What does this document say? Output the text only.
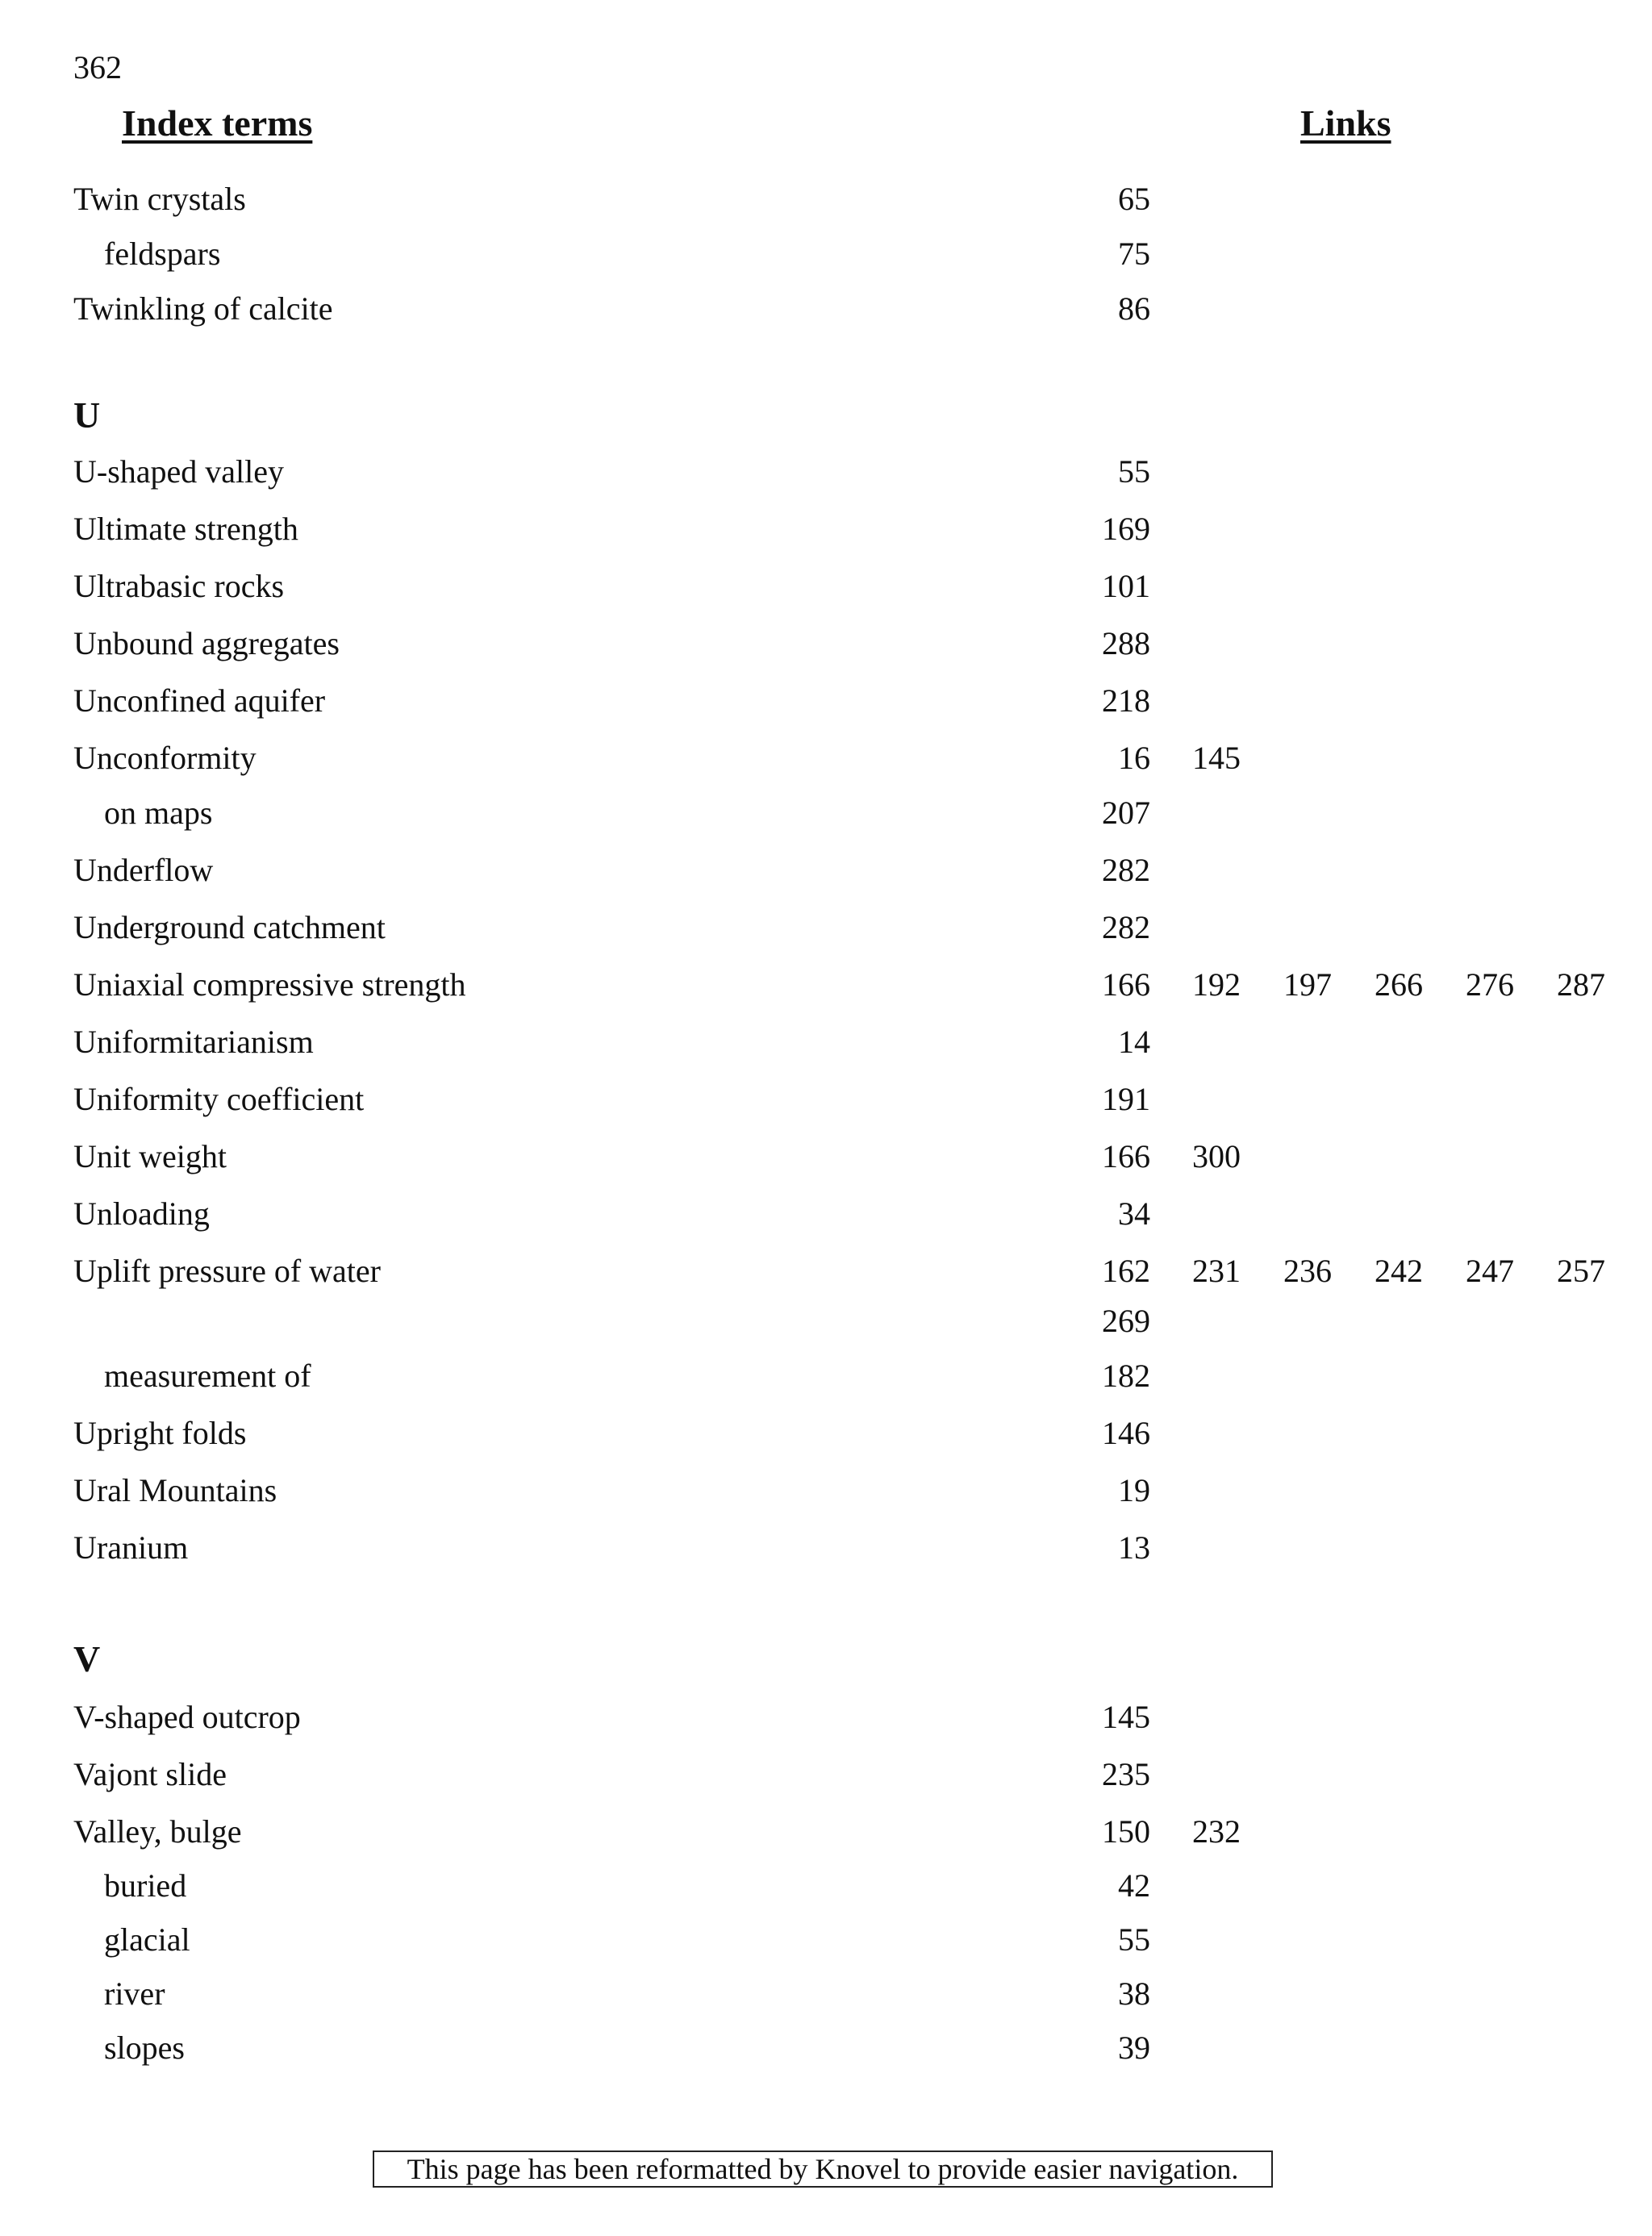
362
Index terms	Links
Twin crystals	65
feldspars	75
Twinkling of calcite	86
U
U-shaped valley	55
Ultimate strength	169
Ultrabasic rocks	101
Unbound aggregates	288
Unconfined aquifer	218
Unconformity	16	145
on maps	207
Underflow	282
Underground catchment	282
Uniaxial compressive strength	166	192	197	266	276	287
Uniformitarianism	14
Uniformity coefficient	191
Unit weight	166	300
Unloading	34
Uplift pressure of water	162	231	236	242	247	257
269
measurement of	182
Upright folds	146
Ural Mountains	19
Uranium	13
V
V-shaped outcrop	145
Vajont slide	235
Valley, bulge	150	232
buried	42
glacial	55
river	38
slopes	39
This page has been reformatted by Knovel to provide easier navigation.
